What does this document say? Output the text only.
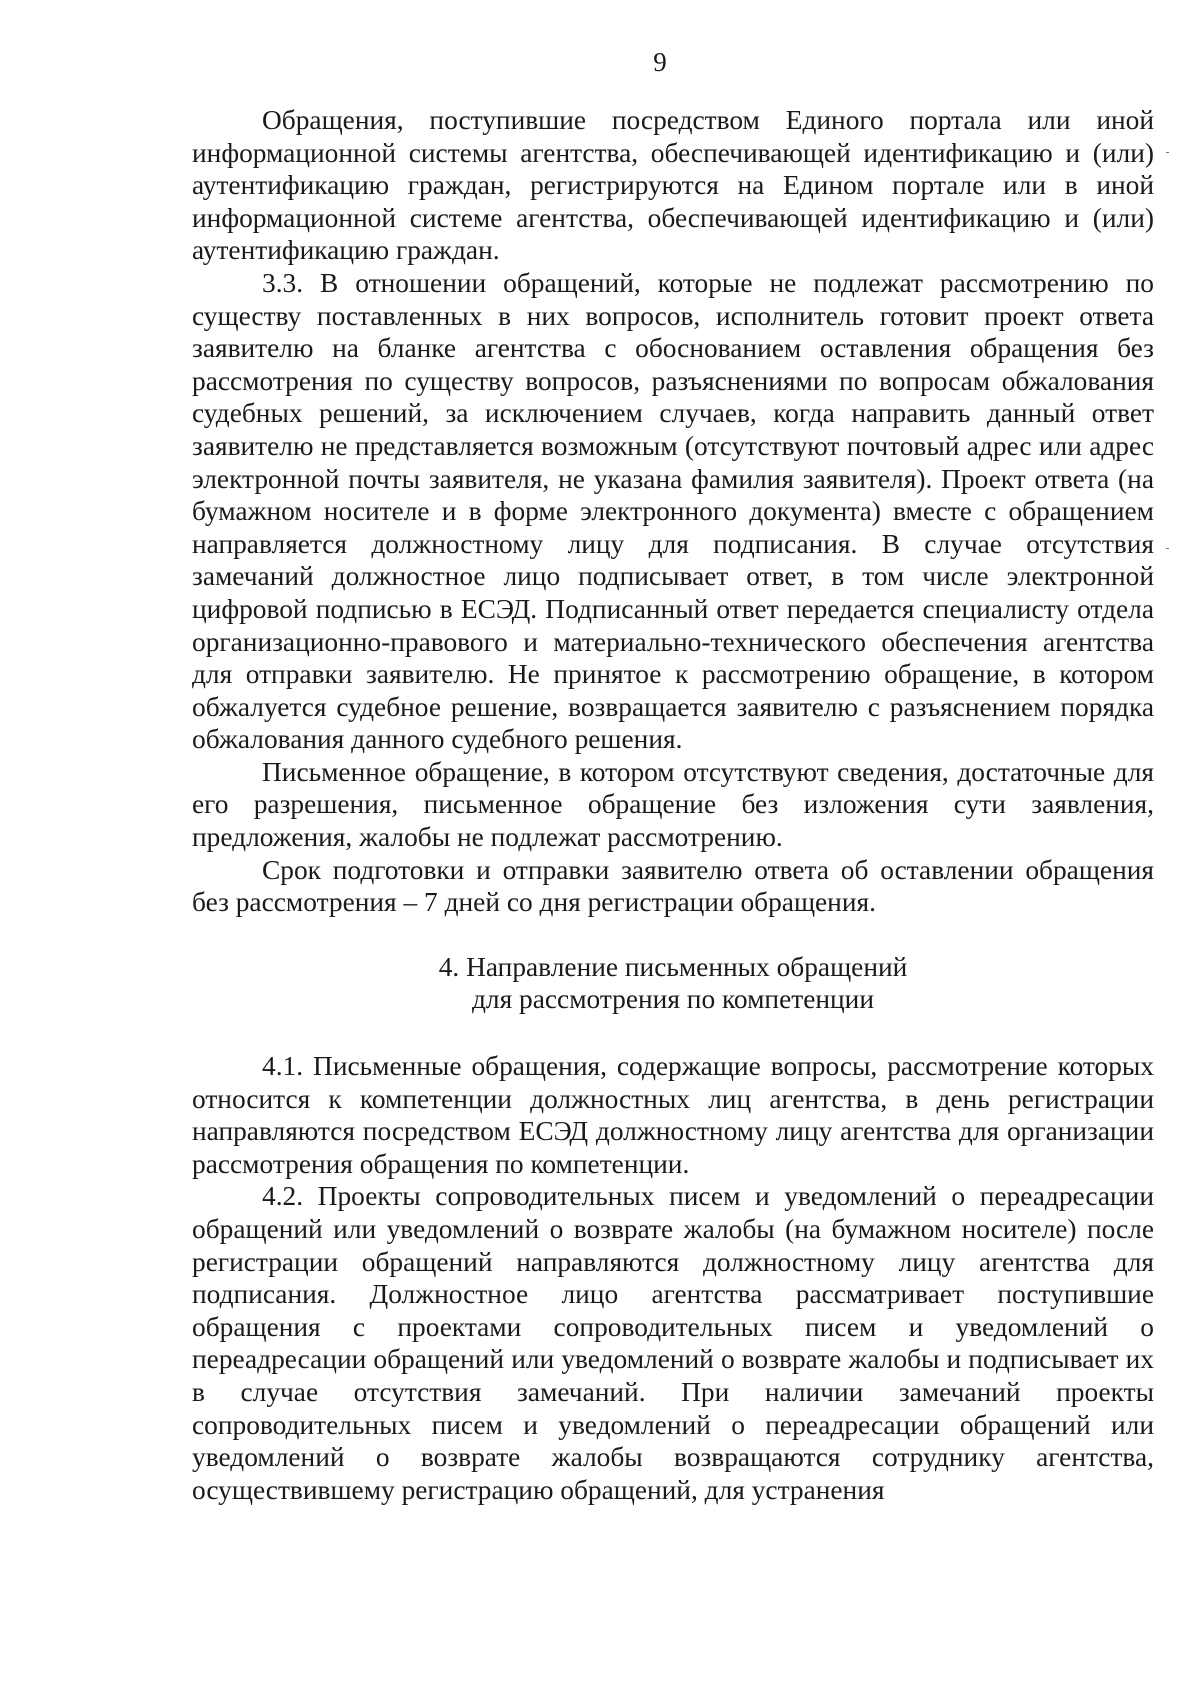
9

Обращения, поступившие посредством Единого портала или иной информационной системы агентства, обеспечивающей идентификацию и (или) аутентификацию граждан, регистрируются на Едином портале или в иной информационной системе агентства, обеспечивающей идентификацию и (или) аутентификацию граждан.

3.3. В отношении обращений, которые не подлежат рассмотрению по существу поставленных в них вопросов, исполнитель готовит проект ответа заявителю на бланке агентства с обоснованием оставления обращения без рассмотрения по существу вопросов, разъяснениями по вопросам обжалования судебных решений, за исключением случаев, когда направить данный ответ заявителю не представляется возможным (отсутствуют почтовый адрес или адрес электронной почты заявителя, не указана фамилия заявителя). Проект ответа (на бумажном носителе и в форме электронного документа) вместе с обращением направляется должностному лицу для подписания. В случае отсутствия замечаний должностное лицо подписывает ответ, в том числе электронной цифровой подписью в ЕСЭД. Подписанный ответ передается специалисту отдела организационно-правового и материально-технического обеспечения агентства для отправки заявителю. Не принятое к рассмотрению обращение, в котором обжалуется судебное решение, возвращается заявителю с разъяснением порядка обжалования данного судебного решения.

Письменное обращение, в котором отсутствуют сведения, достаточные для его разрешения, письменное обращение без изложения сути заявления, предложения, жалобы не подлежат рассмотрению.

Срок подготовки и отправки заявителю ответа об оставлении обращения без рассмотрения – 7 дней со дня регистрации обращения.

4. Направление письменных обращений
для рассмотрения по компетенции

4.1. Письменные обращения, содержащие вопросы, рассмотрение которых относится к компетенции должностных лиц агентства, в день регистрации направляются посредством ЕСЭД должностному лицу агентства для организации рассмотрения обращения по компетенции.

4.2. Проекты сопроводительных писем и уведомлений о переадресации обращений или уведомлений о возврате жалобы (на бумажном носителе) после регистрации обращений направляются должностному лицу агентства для подписания. Должностное лицо агентства рассматривает поступившие обращения с проектами сопроводительных писем и уведомлений о переадресации обращений или уведомлений о возврате жалобы и подписывает их в случае отсутствия замечаний. При наличии замечаний проекты сопроводительных писем и уведомлений о переадресации обращений или уведомлений о возврате жалобы возвращаются сотруднику агентства, осуществившему регистрацию обращений, для устранения
